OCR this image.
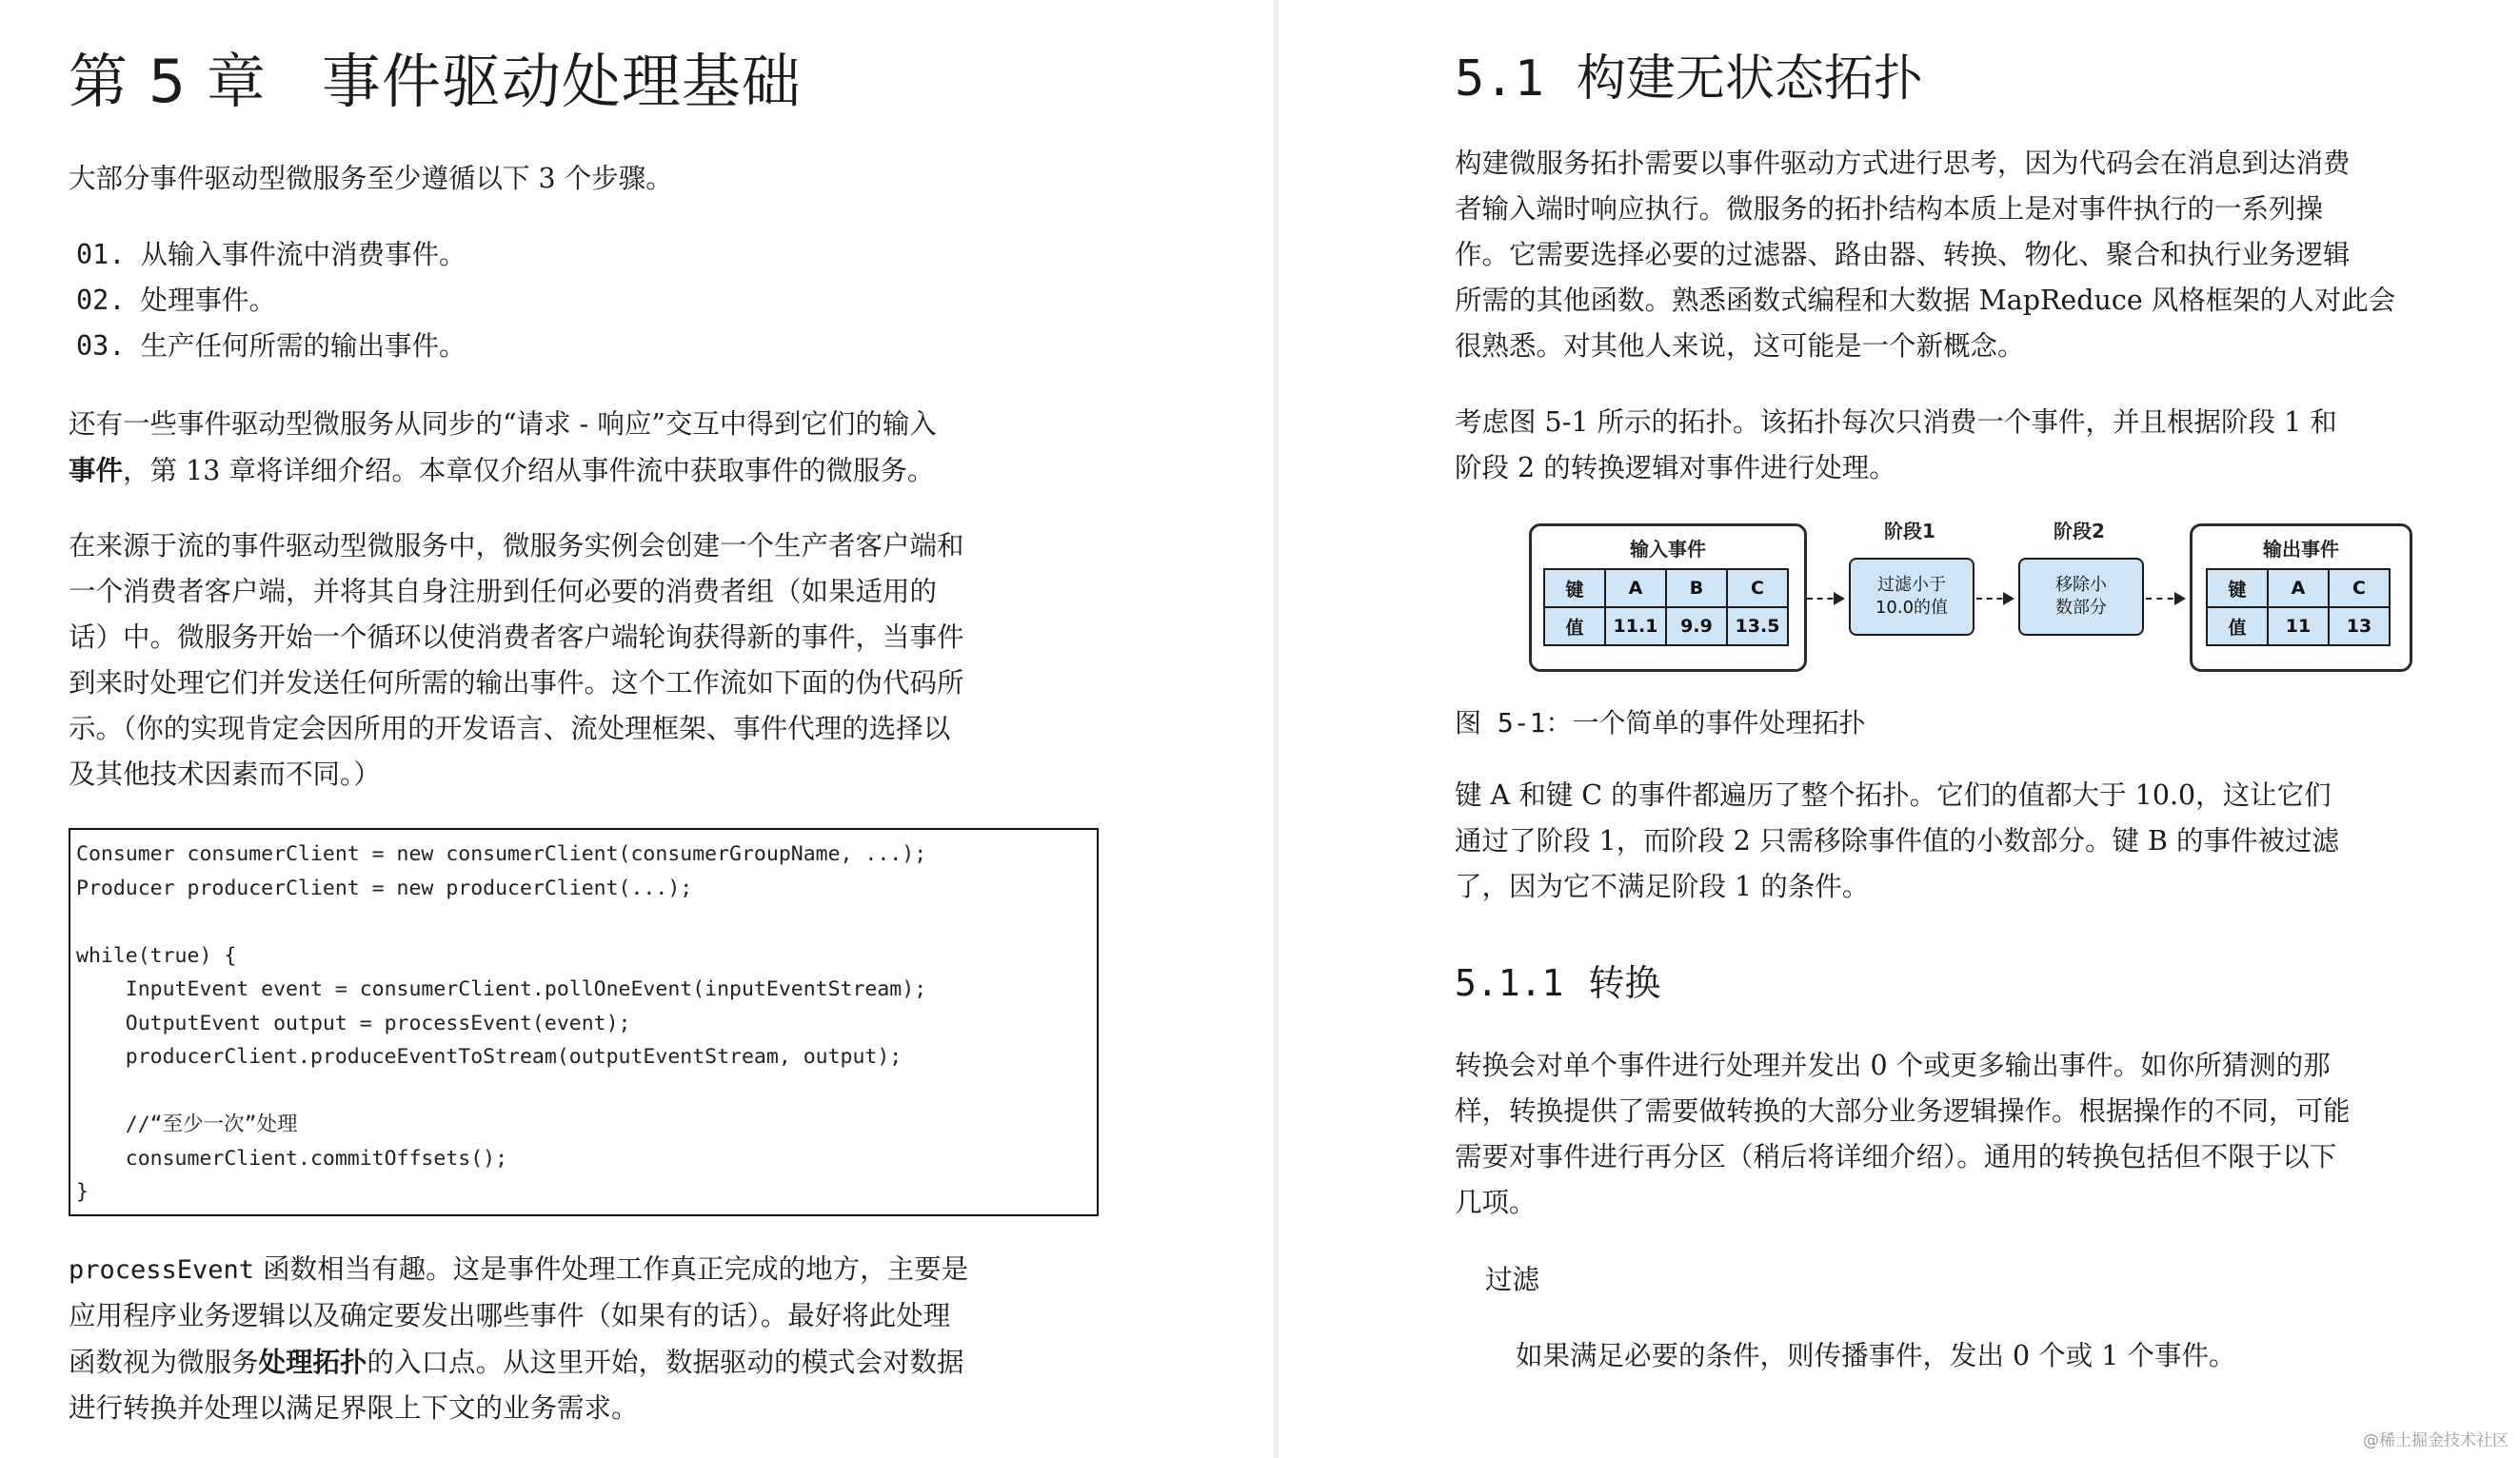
第 5 章 事件驱动处理基础

大部分事件驱动型微服务至少遵循以下 3 个步骤。

01. 从输入事件流中消费事件。
02. 处理事件。
03. 生产任何所需的输出事件。

还有一些事件驱动型微服务从同步的“请求 - 响应”交互中得到它们的输入
事件，第 13 章将详细介绍。本章仅介绍从事件流中获取事件的微服务。

在来源于流的事件驱动型微服务中，微服务实例会创建一个生产者客户端和
一个消费者客户端，并将其自身注册到任何必要的消费者组（如果适用的
话）中。微服务开始一个循环以使消费者客户端轮询获得新的事件，当事件
到来时处理它们并发送任何所需的输出事件。这个工作流如下面的伪代码所
示。（你的实现肯定会因所用的开发语言、流处理框架、事件代理的选择以
及其他技术因素而不同。）

Consumer consumerClient = new consumerClient(consumerGroupName, ...);
Producer producerClient = new producerClient(...);
while(true) {
InputEvent event = consumerClient.pollOneEvent(inputEventStream);
OutputEvent output = processEvent(event);
producerClient.produceEventToStream(outputEventStream, output);
//“至少一次”处理
consumerClient.commitOffsets();
}

processEvent 函数相当有趣。这是事件处理工作真正完成的地方，主要是
应用程序业务逻辑以及确定要发出哪些事件（如果有的话）。最好将此处理
函数视为微服务处理拓扑的入口点。从这里开始，数据驱动的模式会对数据
进行转换并处理以满足界限上下文的业务需求。

5.1 构建无状态拓扑

构建微服务拓扑需要以事件驱动方式进行思考，因为代码会在消息到达消费
者输入端时响应执行。微服务的拓扑结构本质上是对事件执行的一系列操
作。它需要选择必要的过滤器、路由器、转换、物化、聚合和执行业务逻辑
所需的其他函数。熟悉函数式编程和大数据 MapReduce 风格框架的人对此会
很熟悉。对其他人来说，这可能是一个新概念。

考虑图 5-1 所示的拓扑。该拓扑每次只消费一个事件，并且根据阶段 1 和
阶段 2 的转换逻辑对事件进行处理。

输入事件
键	A	B	C
值	11.1	9.9	13.5
阶段1
过滤小于
10.0的值
阶段2
移除小
数部分
输出事件
键	A	C
值	11	13
图 5-1：一个简单的事件处理拓扑

键 A 和键 C 的事件都遍历了整个拓扑。它们的值都大于 10.0，这让它们
通过了阶段 1，而阶段 2 只需移除事件值的小数部分。键 B 的事件被过滤
了，因为它不满足阶段 1 的条件。

5.1.1 转换

转换会对单个事件进行处理并发出 0 个或更多输出事件。如你所猜测的那
样，转换提供了需要做转换的大部分业务逻辑操作。根据操作的不同，可能
需要对事件进行再分区（稍后将详细介绍）。通用的转换包括但不限于以下
几项。

过滤
如果满足必要的条件，则传播事件，发出 0 个或 1 个事件。
@稀土掘金技术社区
